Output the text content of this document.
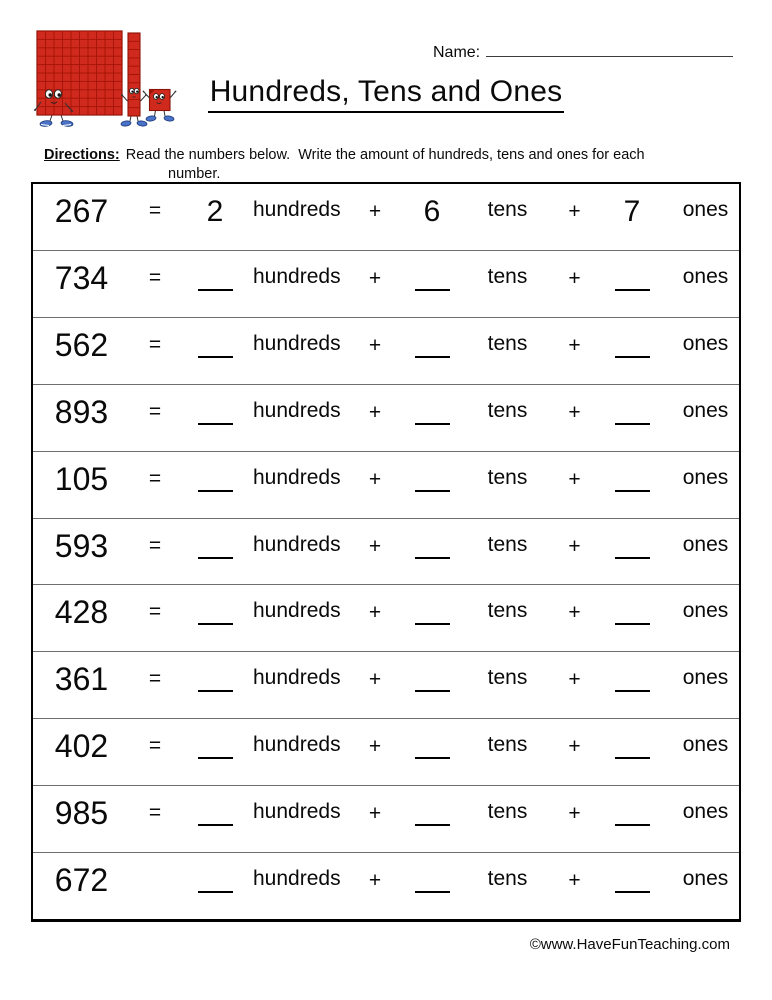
Name:
Hundreds, Tens and Ones
Directions: Read the numbers below.  Write the amount of hundreds, tens and ones for each
number.
267	=	2	hundreds	+	6	tens	+	7	ones
734	=	hundreds	+	tens	+	ones
562	=	hundreds	+	tens	+	ones
893	=	hundreds	+	tens	+	ones
105	=	hundreds	+	tens	+	ones
593	=	hundreds	+	tens	+	ones
428	=	hundreds	+	tens	+	ones
361	=	hundreds	+	tens	+	ones
402	=	hundreds	+	tens	+	ones
985	=	hundreds	+	tens	+	ones
672	hundreds	+	tens	+	ones
©www.HaveFunTeaching.com
